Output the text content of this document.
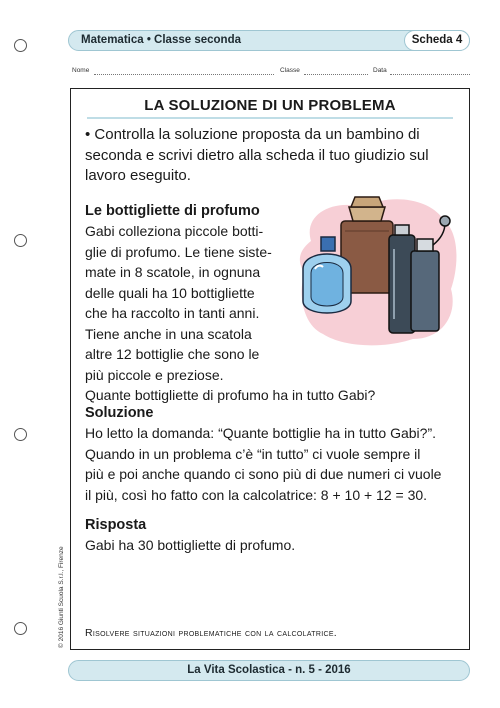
Matematica • Classe seconda	Scheda 4
Nome	Classe	Data
LA SOLUZIONE DI UN PROBLEMA
• Controlla la soluzione proposta da un bambino di
seconda e scrivi dietro alla scheda il tuo giudizio sul
lavoro eseguito.
Le bottigliette di profumo
Gabi colleziona piccole botti-
glie di profumo. Le tiene siste-
mate in 8 scatole, in ognuna
delle quali ha 10 bottigliette
che ha raccolto in tanti anni.
Tiene anche in una scatola
altre 12 bottiglie che sono le
più piccole e preziose.
Quante bottigliette di profumo ha in tutto Gabi?
Soluzione
Ho letto la domanda: “Quante bottiglie ha in tutto Gabi?”.
Quando in un problema c’è “in tutto” ci vuole sempre il
più e poi anche quando ci sono più di due numeri ci vuole
il più, così ho fatto con la calcolatrice: 8 + 10 + 12 = 30.
Risposta
Gabi ha 30 bottigliette di profumo.
Risolvere situazioni problematiche con la calcolatrice.
© 2016 Giunti Scuola S.r.l., Firenze
La Vita Scolastica - n. 5 - 2016
